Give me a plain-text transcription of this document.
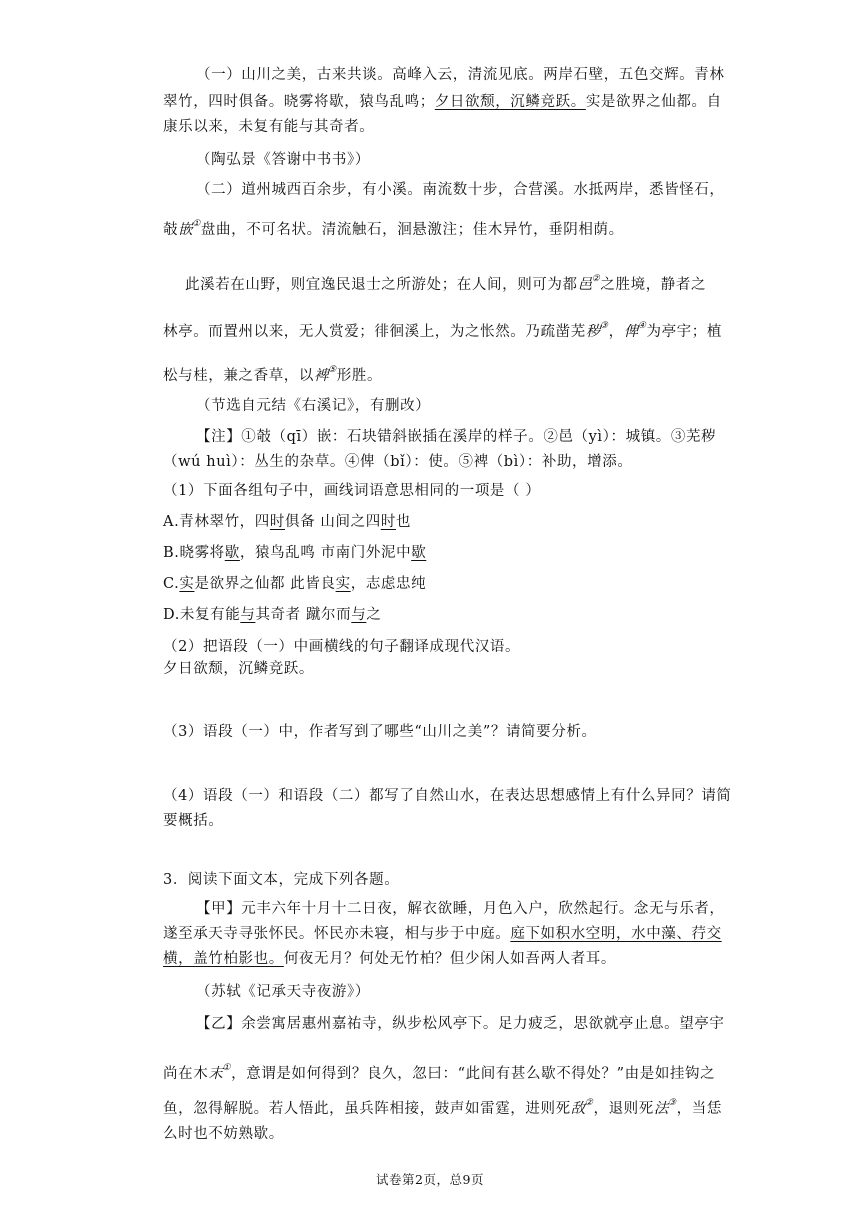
（一）山川之美，古来共谈。高峰入云，清流见底。两岸石壁，五色交辉。青林
翠竹，四时俱备。晓雾将歇，猿鸟乱鸣；夕日欲颓，沉鳞竞跃。实是欲界之仙都。自
康乐以来，未复有能与其奇者。
（陶弘景《答谢中书书》）
（二）道州城西百余步，有小溪。南流数十步，合营溪。水抵两岸，悉皆怪石，
攲嵌①盘曲，不可名状。清流触石，洄悬激注；佳木异竹，垂阴相荫。
此溪若在山野，则宜逸民退士之所游处；在人间，则可为都邑②之胜境，静者之
林亭。而置州以来，无人赏爱；徘徊溪上，为之怅然。乃疏凿芜秽③，俾④为亭宇；植
松与桂，兼之香草，以裨⑤形胜。
（节选自元结《右溪记》，有删改）
【注】①攲（qī）嵌：石块错斜嵌插在溪岸的样子。②邑（yì）：城镇。③芜秽
（wú huì）：丛生的杂草。④俾（bǐ）：使。⑤裨（bì）：补助，增添。
（1）下面各组句子中，画线词语意思相同的一项是（ ）
A.青林翠竹，四时俱备 山间之四时也
B.晓雾将歇，猿鸟乱鸣 市南门外泥中歇
C.实是欲界之仙都 此皆良实，志虑忠纯
D.未复有能与其奇者 蹴尔而与之
（2）把语段（一）中画横线的句子翻译成现代汉语。
夕日欲颓，沉鳞竞跃。
（3）语段（一）中，作者写到了哪些“山川之美”？请简要分析。
（4）语段（一）和语段（二）都写了自然山水，在表达思想感情上有什么异同？请简
要概括。
3．阅读下面文本，完成下列各题。
【甲】元丰六年十月十二日夜，解衣欲睡，月色入户，欣然起行。念无与乐者，
遂至承天寺寻张怀民。怀民亦未寝，相与步于中庭。庭下如积水空明，水中藻、荇交
横，盖竹柏影也。何夜无月？何处无竹柏？但少闲人如吾两人者耳。
（苏轼《记承天寺夜游》）
【乙】余尝寓居惠州嘉祐寺，纵步松风亭下。足力疲乏，思欲就亭止息。望亭宇
尚在木末①，意谓是如何得到？良久，忽曰：“此间有甚么歇不得处？”由是如挂钩之
鱼，忽得解脱。若人悟此，虽兵阵相接，鼓声如雷霆，进则死敌②，退则死法③，当恁
么时也不妨熟歇。
试卷第2页，总9页
